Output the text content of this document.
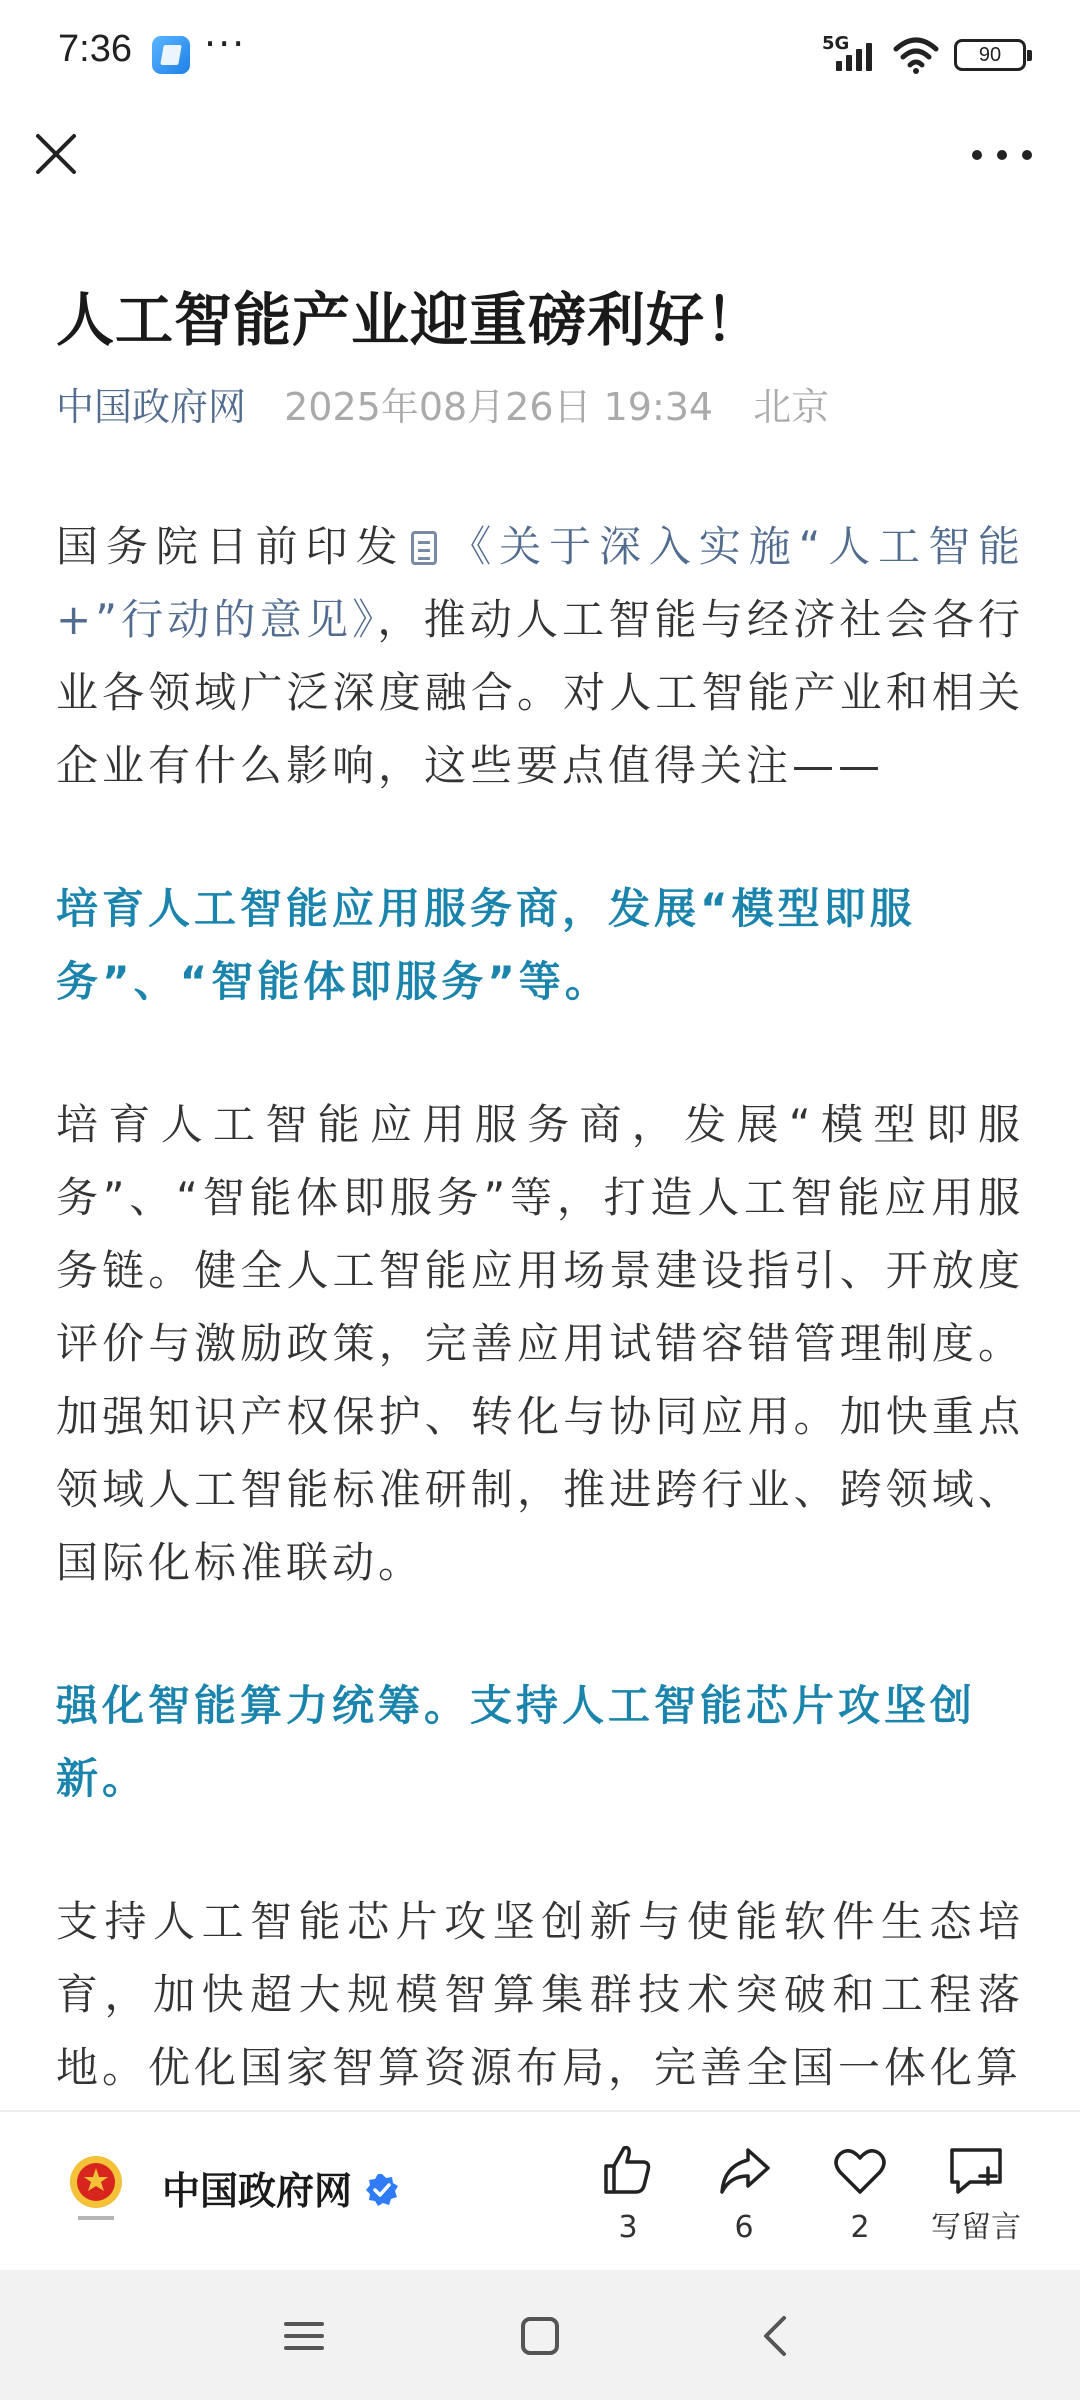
7:36 ···	5G	90
人工智能产业迎重磅利好！
中国政府网 2025年08月26日 19:34 北京

国务院日前印发 《关于深入实施“人工智能+”行动的意见》，推动人工智能与经济社会各行业各领域广泛深度融合。对人工智能产业和相关企业有什么影响，这些要点值得关注——

培育人工智能应用服务商，发展“模型即服务”、“智能体即服务”等。

培育人工智能应用服务商，发展“模型即服务”、“智能体即服务”等，打造人工智能应用服务链。健全人工智能应用场景建设指引、开放度评价与激励政策，完善应用试错容错管理制度。加强知识产权保护、转化与协同应用。加快重点领域人工智能标准研制，推进跨行业、跨领域、国际化标准联动。

强化智能算力统筹。支持人工智能芯片攻坚创新。

支持人工智能芯片攻坚创新与使能软件生态培育，加快超大规模智算集群技术突破和工程落地。优化国家智算资源布局，完善全国一体化算

中国政府网
3	6	2	写留言
